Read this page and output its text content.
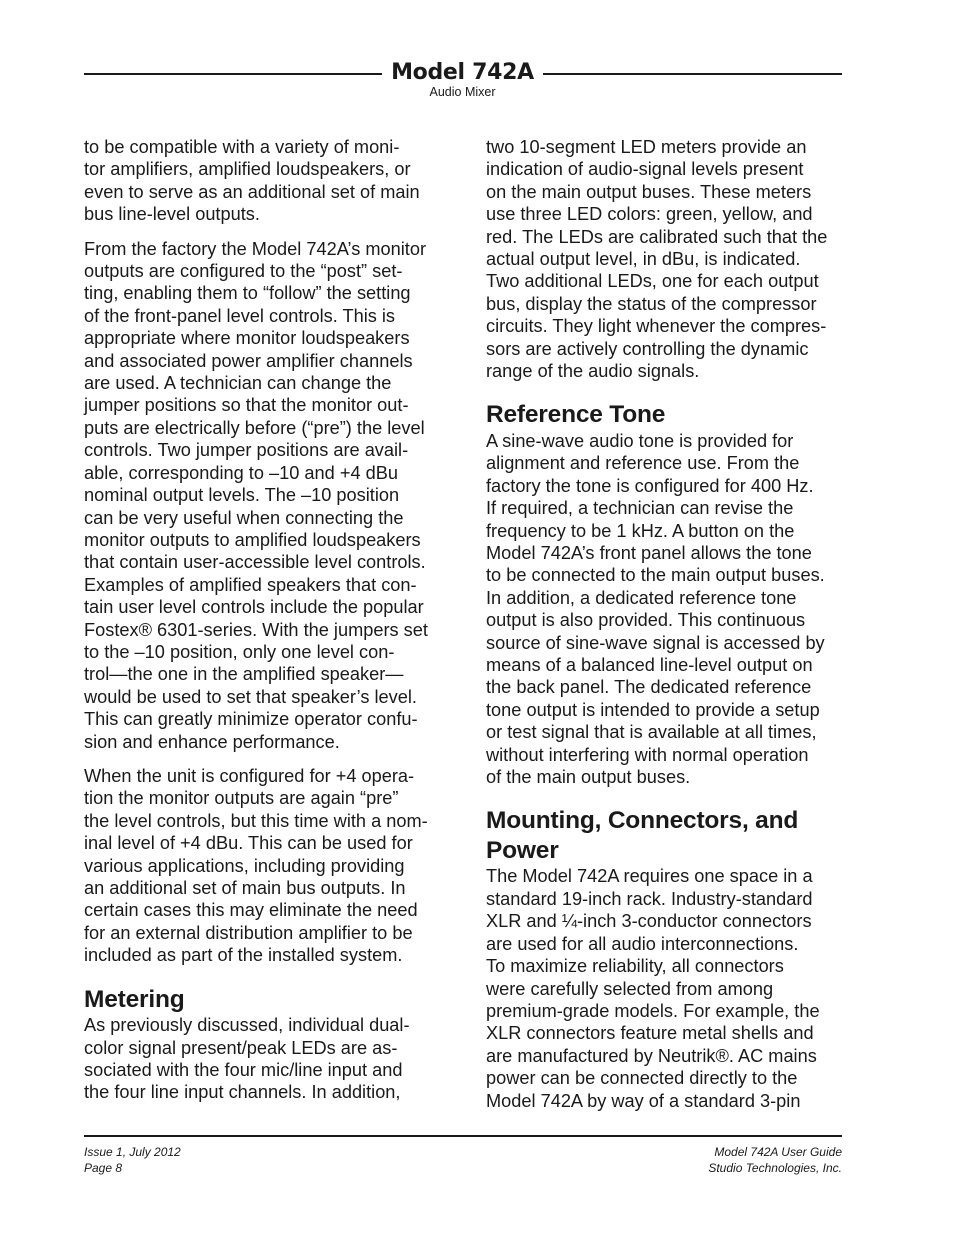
Model 742A
Audio Mixer

to be compatible with a variety of moni-
tor amplifiers, amplified loudspeakers, or
even to serve as an additional set of main
bus line-level outputs.

From the factory the Model 742A’s monitor
outputs are configured to the “post” set-
ting, enabling them to “follow” the setting
of the front-panel level controls. This is
appropriate where monitor loudspeakers
and associated power amplifier channels
are used. A technician can change the
jumper positions so that the monitor out-
puts are electrically before (“pre”) the level
controls. Two jumper positions are avail-
able, corresponding to –10 and +4 dBu
nominal output levels. The –10 position
can be very useful when connecting the
monitor outputs to amplified loudspeakers
that contain user-accessible level controls.
Examples of amplified speakers that con-
tain user level controls include the popular
Fostex® 6301-series. With the jumpers set
to the –10 position, only one level con-
trol—the one in the amplified speaker—
would be used to set that speaker’s level.
This can greatly minimize operator confu-
sion and enhance performance.

When the unit is configured for +4 opera-
tion the monitor outputs are again “pre”
the level controls, but this time with a nom-
inal level of +4 dBu. This can be used for
various applications, including providing
an additional set of main bus outputs. In
certain cases this may eliminate the need
for an external distribution amplifier to be
included as part of the installed system.

Metering

As previously discussed, individual dual-
color signal present/peak LEDs are as-
sociated with the four mic/line input and
the four line input channels. In addition,

two 10-segment LED meters provide an
indication of audio-signal levels present
on the main output buses. These meters
use three LED colors: green, yellow, and
red. The LEDs are calibrated such that the
actual output level, in dBu, is indicated.
Two additional LEDs, one for each output
bus, display the status of the compressor
circuits. They light whenever the compres-
sors are actively controlling the dynamic
range of the audio signals.

Reference Tone

A sine-wave audio tone is provided for
alignment and reference use. From the
factory the tone is configured for 400 Hz.
If required, a technician can revise the
frequency to be 1 kHz. A button on the
Model 742A’s front panel allows the tone
to be connected to the main output buses.
In addition, a dedicated reference tone
output is also provided. This continuous
source of sine-wave signal is accessed by
means of a balanced line-level output on
the back panel. The dedicated reference
tone output is intended to provide a setup
or test signal that is available at all times,
without interfering with normal operation
of the main output buses.

Mounting, Connectors, and
Power

The Model 742A requires one space in a
standard 19-inch rack. Industry-standard
XLR and ¼-inch 3-conductor connectors
are used for all audio interconnections.
To maximize reliability, all connectors
were carefully selected from among
premium-grade models. For example, the
XLR connectors feature metal shells and
are manufactured by Neutrik®. AC mains
power can be connected directly to the
Model 742A by way of a standard 3-pin

Issue 1, July 2012
Page 8
Model 742A User Guide
Studio Technologies, Inc.
